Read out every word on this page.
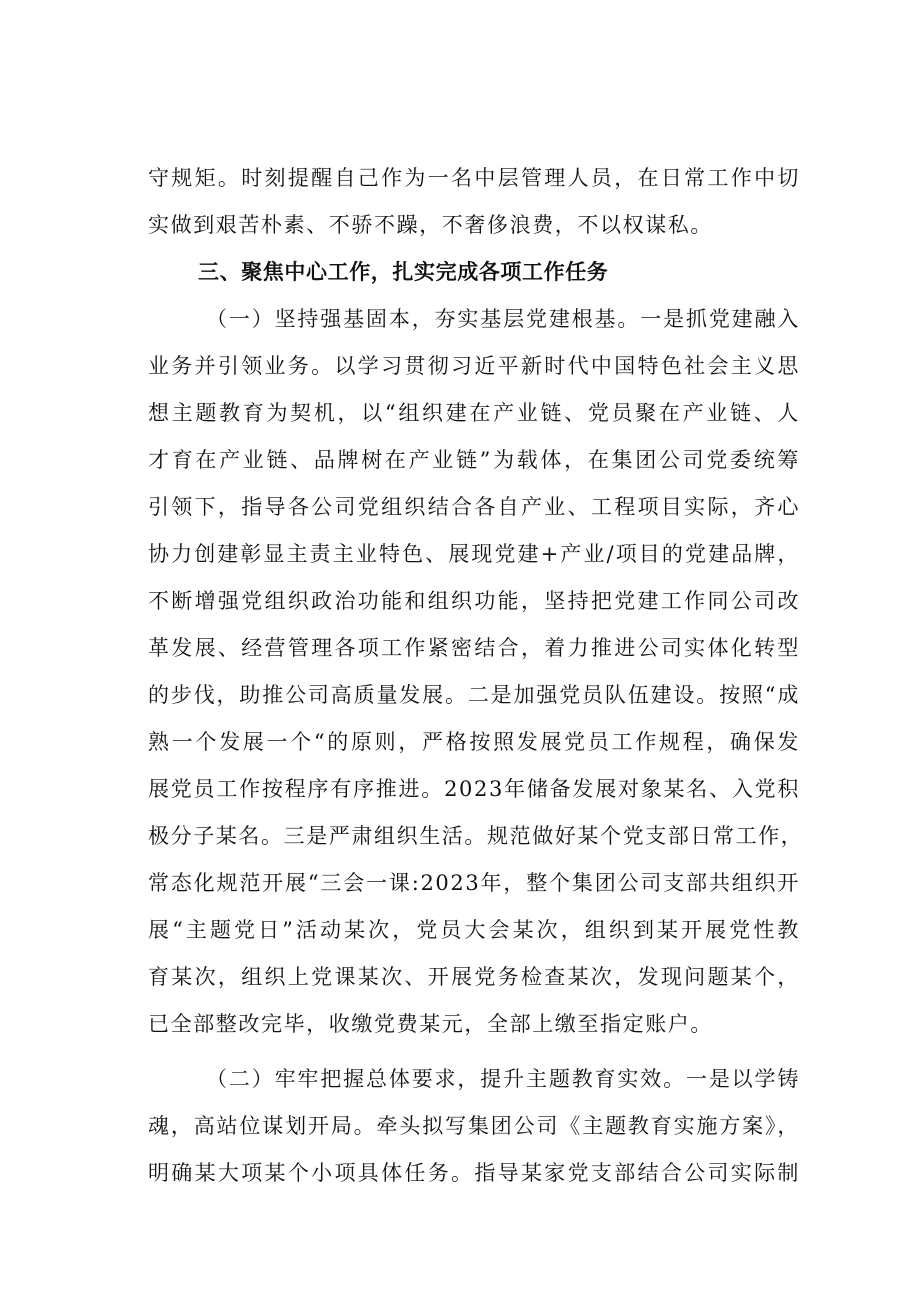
守规矩。时刻提醒自己作为一名中层管理人员，在日常工作中切
实做到艰苦朴素、不骄不躁，不奢侈浪费，不以权谋私。
三、聚焦中心工作，扎实完成各项工作任务
（一）坚持强基固本，夯实基层党建根基。一是抓党建融入
业务并引领业务。以学习贯彻习近平新时代中国特色社会主义思
想主题教育为契机，以“组织建在产业链、党员聚在产业链、人
才育在产业链、品牌树在产业链”为载体，在集团公司党委统筹
引领下，指导各公司党组织结合各自产业、工程项目实际，齐心
协力创建彰显主责主业特色、展现党建+产业/项目的党建品牌，
不断增强党组织政治功能和组织功能，坚持把党建工作同公司改
革发展、经营管理各项工作紧密结合，着力推进公司实体化转型
的步伐，助推公司高质量发展。二是加强党员队伍建设。按照“成
熟一个发展一个“的原则，严格按照发展党员工作规程，确保发
展党员工作按程序有序推进。2023年储备发展对象某名、入党积
极分子某名。三是严肃组织生活。规范做好某个党支部日常工作，
常态化规范开展“三会一课:2023年，整个集团公司支部共组织开
展“主题党日”活动某次，党员大会某次，组织到某开展党性教
育某次，组织上党课某次、开展党务检查某次，发现问题某个，
已全部整改完毕，收缴党费某元，全部上缴至指定账户。
（二）牢牢把握总体要求，提升主题教育实效。一是以学铸
魂，高站位谋划开局。牵头拟写集团公司《主题教育实施方案》，
明确某大项某个小项具体任务。指导某家党支部结合公司实际制
